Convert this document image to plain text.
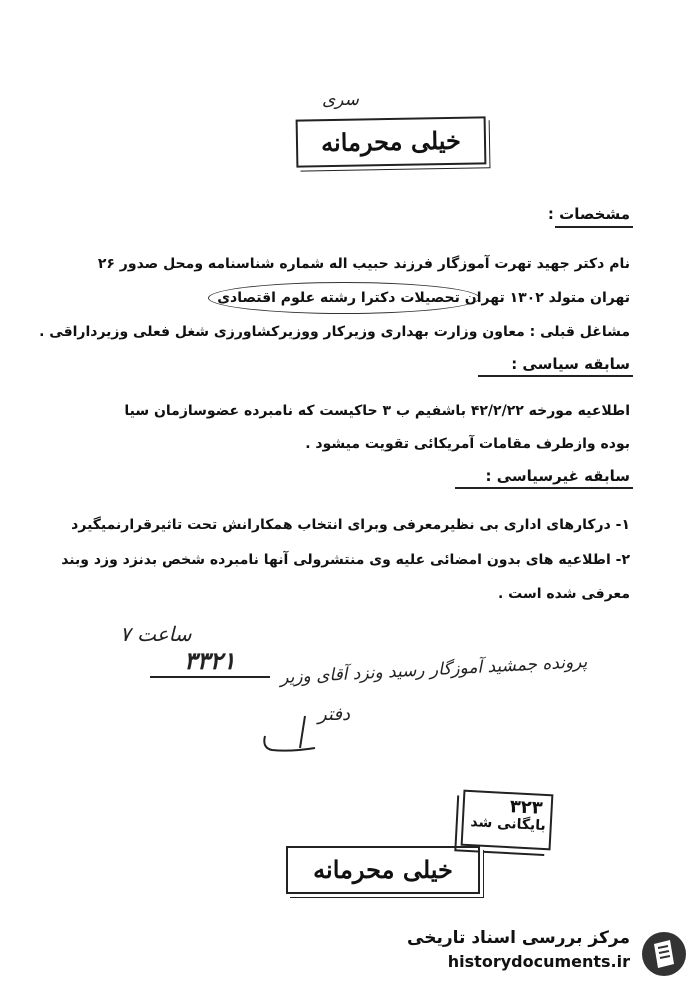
سری
خیلی محرمانه
مشخصات :
نام دکتر جهید تهرت آموزگار فرزند حبیب اله شماره شناسنامه ومحل صدور ۲۶
تهران متولد ۱۳۰۲ تهران تحصیلات دکترا رشته علوم اقتصادی
مشاغل قبلی : معاون وزارت بهداری وزیرکار ووزیرکشاورزی شغل فعلی وزیرداراقی .
سابقه سیاسی :
اطلاعیه مورخه ۴۲/۲/۲۲ باشفیم ب ۳ حاکیست که نامبرده عضوسازمان سیا
بوده وازطرف مقامات آمریکائی تقویت میشود .
سابقه غیرسیاسی :
۱- درکارهای اداری بی نظیرمعرفی وبرای انتخاب همکارانش تحت تاثیرقرارنمیگیرد
۲- اطلاعیه های بدون امضائی علیه وی منتشرولی آنها نامبرده شخص بدنزد وزد وبند
معرفی شده است .
ساعت ۷
۳۳۲۱	پرونده جمشید آموزگار رسید ونزد آقای وزیر
دفتر
۳۲۳
بایگانی شد
خیلی محرمانه
مرکز بررسی اسناد تاریخی
historydocuments.ir
